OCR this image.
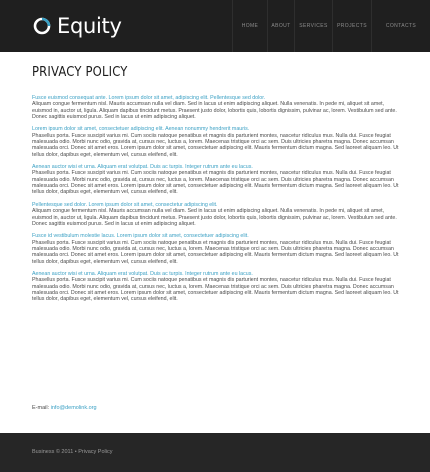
Equity	HOME	ABOUT	SERVICES	PROJECTS	CONTACTS
PRIVACY POLICY
Fusce euismod consequat ante. Lorem ipsum dolor sit amet, adipiscing elit. Pellentesque sed dolor.
Aliquam congue fermentum nisl. Mauris accumsan nulla vel diam. Sed in lacus ut enim adipiscing aliquet. Nulla venenatis. In pede mi, aliquet sit amet, euismod in, auctor ut, ligula. Aliquam dapibus tincidunt metus. Praesent justo dolor, lobortis quis, lobortis dignissim, pulvinar ac, lorem. Vestibulum sed ante. Donec sagittis euismod purus. Sed in lacus ut enim adipiscing aliquet.
Lorem ipsum dolor sit amet, consectetuer adipiscing elit. Aenean nonummy hendrerit mauris.
Phasellus porta. Fusce suscipit varius mi. Cum sociis natoque penatibus et magnis dis parturient montes, nascetur ridiculus mus. Nulla dui. Fusce feugiat malesuada odio. Morbi nunc odio, gravida at, cursus nec, luctus a, lorem. Maecenas tristique orci ac sem. Duis ultricies pharetra magna. Donec accumsan malesuada orci. Donec sit amet eros. Lorem ipsum dolor sit amet, consectetuer adipiscing elit. Mauris fermentum dictum magna. Sed laoreet aliquam leo. Ut tellus dolor, dapibus eget, elementum vel, cursus eleifend, elit.
Aenean auctor wisi et urna. Aliquam erat volutpat. Duis ac turpis. Integer rutrum ante eu lacus.
Phasellus porta. Fusce suscipit varius mi. Cum sociis natoque penatibus et magnis dis parturient montes, nascetur ridiculus mus. Nulla dui. Fusce feugiat malesuada odio. Morbi nunc odio, gravida at, cursus nec, luctus a, lorem. Maecenas tristique orci ac sem. Duis ultricies pharetra magna. Donec accumsan malesuada orci. Donec sit amet eros. Lorem ipsum dolor sit amet, consectetuer adipiscing elit. Mauris fermentum dictum magna. Sed laoreet aliquam leo. Ut tellus dolor, dapibus eget, elementum vel, cursus eleifend, elit.
Pellentesque sed dolor. Lorem ipsum dolor sit amet, consectetur adipiscing elit.
Aliquam congue fermentum nisl. Mauris accumsan nulla vel diam. Sed in lacus ut enim adipiscing aliquet. Nulla venenatis. In pede mi, aliquet sit amet, euismod in, auctor ut, ligula. Aliquam dapibus tincidunt metus. Praesent justo dolor, lobortis quis, lobortis dignissim, pulvinar ac, lorem. Vestibulum sed ante. Donec sagittis euismod purus. Sed in lacus ut enim adipiscing aliquet.
Fusce id vestibulum molestie lacus. Lorem ipsum dolor sit amet, consectetuer adipiscing elit.
Phasellus porta. Fusce suscipit varius mi. Cum sociis natoque penatibus et magnis dis parturient montes, nascetur ridiculus mus. Nulla dui. Fusce feugiat malesuada odio. Morbi nunc odio, gravida at, cursus nec, luctus a, lorem. Maecenas tristique orci ac sem. Duis ultricies pharetra magna. Donec accumsan malesuada orci. Donec sit amet eros. Lorem ipsum dolor sit amet, consectetuer adipiscing elit. Mauris fermentum dictum magna. Sed laoreet aliquam leo. Ut tellus dolor, dapibus eget, elementum vel, cursus eleifend, elit.
Aenean auctor wisi et urna. Aliquam erat volutpat. Duis ac turpis. Integer rutrum ante eu lacus.
Phasellus porta. Fusce suscipit varius mi. Cum sociis natoque penatibus et magnis dis parturient montes, nascetur ridiculus mus. Nulla dui. Fusce feugiat malesuada odio. Morbi nunc odio, gravida at, cursus nec, luctus a, lorem. Maecenas tristique orci ac sem. Duis ultricies pharetra magna. Donec accumsan malesuada orci. Donec sit amet eros. Lorem ipsum dolor sit amet, consectetuer adipiscing elit. Mauris fermentum dictum magna. Sed laoreet aliquam leo. Ut tellus dolor, dapibus eget, elementum vel, cursus eleifend, elit.
E-mail: info@demolink.org
Business © 2011 • Privacy Policy
